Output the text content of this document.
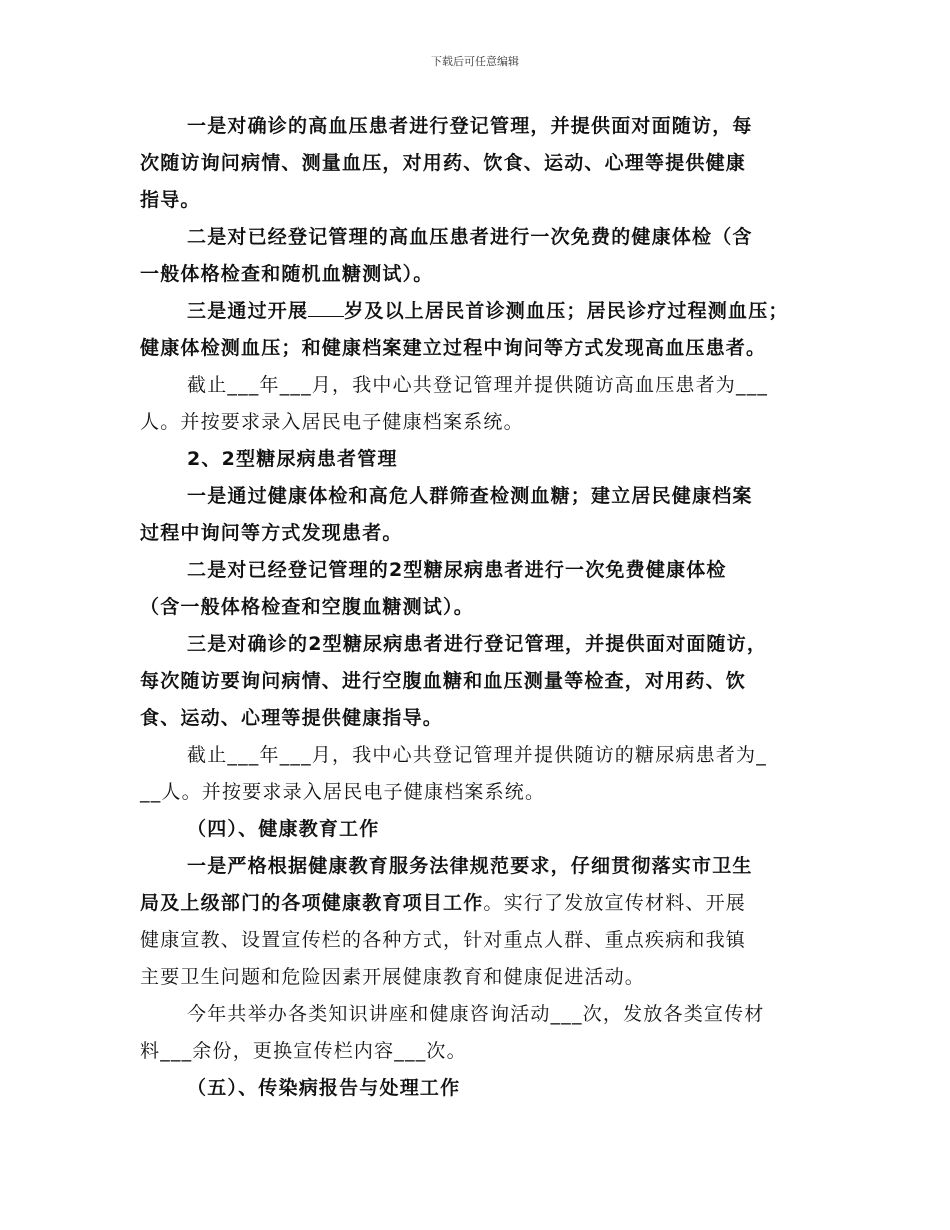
下载后可任意编辑
一是对确诊的高血压患者进行登记管理，并提供面对面随访，每
次随访询问病情、测量血压，对用药、饮食、运动、心理等提供健康
指导。
二是对已经登记管理的高血压患者进行一次免费的健康体检（含
一般体格检查和随机血糖测试）。
三是通过开展 岁及以上居民首诊测血压；居民诊疗过程测血压；
健康体检测血压；和健康档案建立过程中询问等方式发现高血压患者。
截止___年___月，我中心共登记管理并提供随访高血压患者为___
人。并按要求录入居民电子健康档案系统。
2、2型糖尿病患者管理
一是通过健康体检和高危人群筛查检测血糖；建立居民健康档案
过程中询问等方式发现患者。
二是对已经登记管理的2型糖尿病患者进行一次免费健康体检
（含一般体格检查和空腹血糖测试）。
三是对确诊的2型糖尿病患者进行登记管理，并提供面对面随访，
每次随访要询问病情、进行空腹血糖和血压测量等检查，对用药、饮
食、运动、心理等提供健康指导。
截止___年___月，我中心共登记管理并提供随访的糖尿病患者为_
__人。并按要求录入居民电子健康档案系统。
（四）、健康教育工作
一是严格根据健康教育服务法律规范要求，仔细贯彻落实市卫生
局及上级部门的各项健康教育项目工作。实行了发放宣传材料、开展
健康宣教、设置宣传栏的各种方式，针对重点人群、重点疾病和我镇
主要卫生问题和危险因素开展健康教育和健康促进活动。
今年共举办各类知识讲座和健康咨询活动___次，发放各类宣传材
料___余份，更换宣传栏内容___次。
（五）、传染病报告与处理工作
